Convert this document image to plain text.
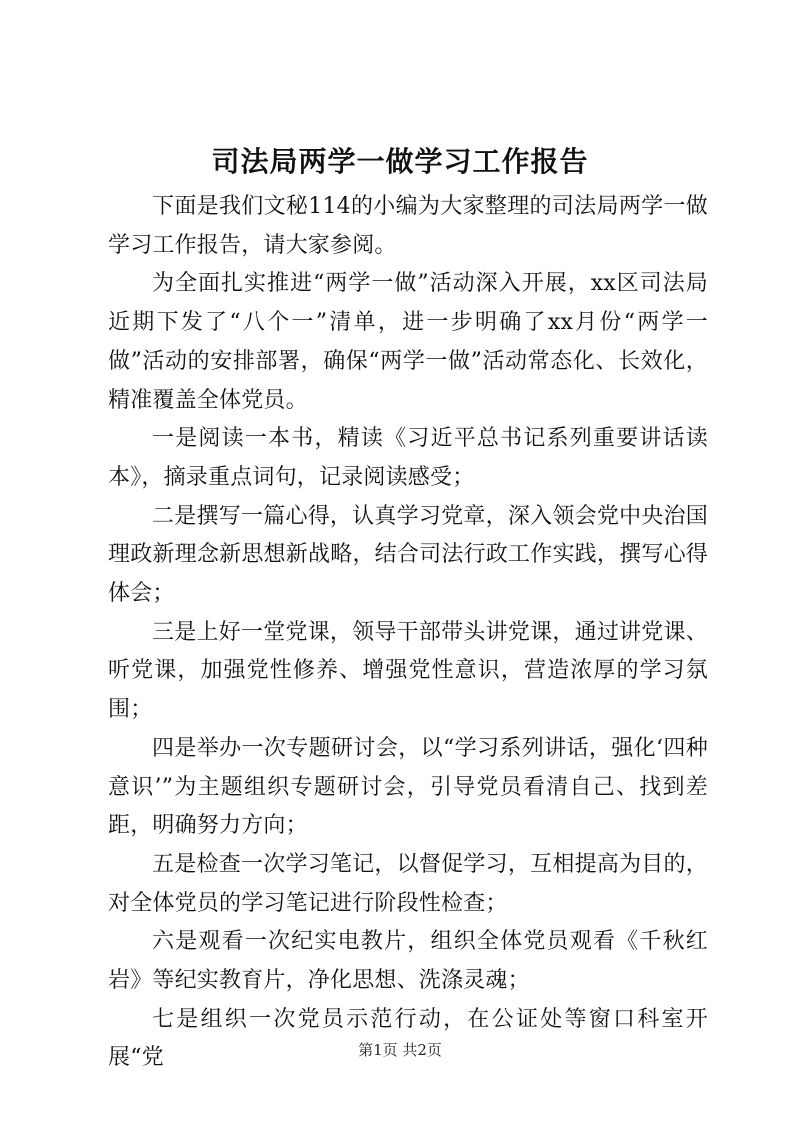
司法局两学一做学习工作报告

下面是我们文秘114的小编为大家整理的司法局两学一做学习工作报告，请大家参阅。

为全面扎实推进“两学一做”活动深入开展，xx区司法局近期下发了“八个一”清单，进一步明确了xx月份“两学一做”活动的安排部署，确保“两学一做”活动常态化、长效化，精准覆盖全体党员。

一是阅读一本书，精读《习近平总书记系列重要讲话读本》，摘录重点词句，记录阅读感受；

二是撰写一篇心得，认真学习党章，深入领会党中央治国理政新理念新思想新战略，结合司法行政工作实践，撰写心得体会；

三是上好一堂党课，领导干部带头讲党课，通过讲党课、听党课，加强党性修养、增强党性意识，营造浓厚的学习氛围；

四是举办一次专题研讨会，以“学习系列讲话，强化‘四种意识’”为主题组织专题研讨会，引导党员看清自己、找到差距，明确努力方向；

五是检查一次学习笔记，以督促学习，互相提高为目的，对全体党员的学习笔记进行阶段性检查；

六是观看一次纪实电教片，组织全体党员观看《千秋红岩》等纪实教育片，净化思想、洗涤灵魂；

七是组织一次党员示范行动，在公证处等窗口科室开展“党	第1页 共2页
